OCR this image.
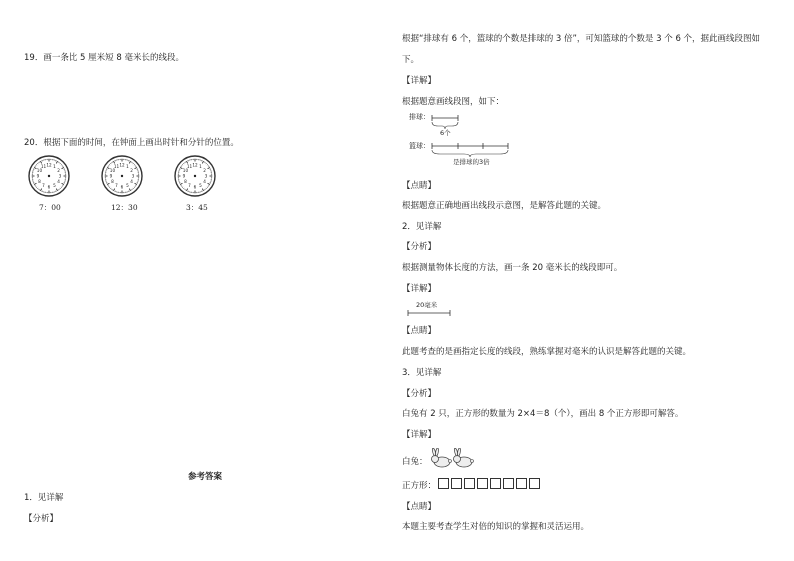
19．画一条比 5 厘米短 8 毫米长的线段。
20．根据下面的时间，在钟面上画出时针和分针的位置。
1
2
3
4
5
6
7
8
9
10
11 12	1
2
3
4
5
6
7
8
9
10
11 12	1
2
3
4
5
6
7
8
9
10
11 12
7：00	12：30	3：45
参考答案
1．见详解
【分析】
根据“排球有 6 个，篮球的个数是排球的 3 倍”，可知篮球的个数是 3 个 6 个，据此画线段图如
下。
【详解】
根据题意画线段图，如下：
排球：
6个
篮球：
是排球的3倍
【点睛】
根据题意正确地画出线段示意图，是解答此题的关键。
2．见详解
【分析】
根据测量物体长度的方法，画一条 20 毫米长的线段即可。
【详解】
20毫米
【点睛】
此题考查的是画指定长度的线段，熟练掌握对毫米的认识是解答此题的关键。
3．见详解
【分析】
白兔有 2 只，正方形的数量为 2×4＝8（个），画出 8 个正方形即可解答。
【详解】
白兔：
正方形：
【点睛】
本题主要考查学生对倍的知识的掌握和灵活运用。
